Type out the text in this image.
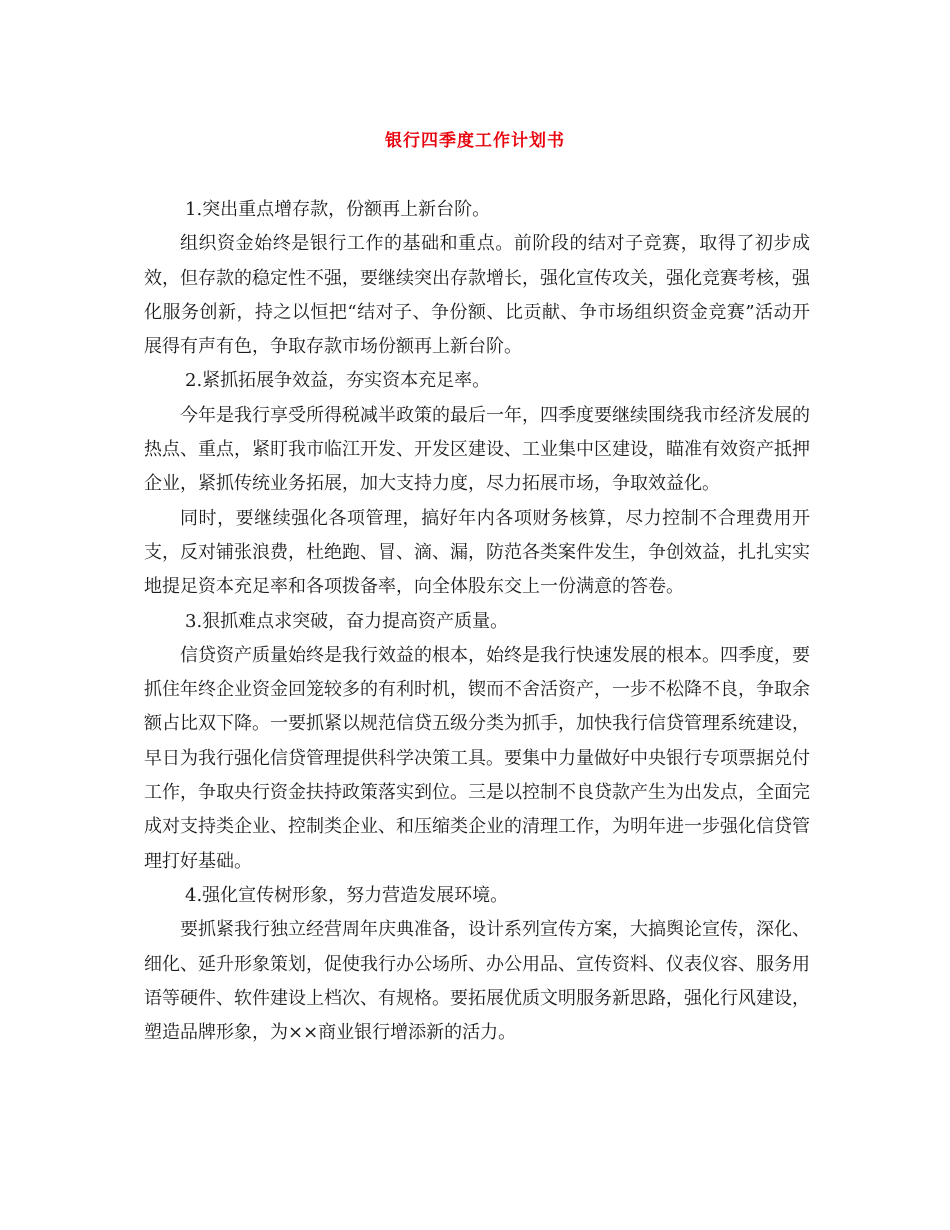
银行四季度工作计划书

1.突出重点增存款，份额再上新台阶。

组织资金始终是银行工作的基础和重点。前阶段的结对子竞赛，取得了初步成效，但存款的稳定性不强，要继续突出存款增长，强化宣传攻关，强化竞赛考核，强化服务创新，持之以恒把“结对子、争份额、比贡献、争市场组织资金竞赛”活动开展得有声有色，争取存款市场份额再上新台阶。

2.紧抓拓展争效益，夯实资本充足率。

今年是我行享受所得税减半政策的最后一年，四季度要继续围绕我市经济发展的热点、重点，紧盯我市临江开发、开发区建设、工业集中区建设，瞄准有效资产抵押企业，紧抓传统业务拓展，加大支持力度，尽力拓展市场，争取效益化。

同时，要继续强化各项管理，搞好年内各项财务核算，尽力控制不合理费用开支，反对铺张浪费，杜绝跑、冒、滴、漏，防范各类案件发生，争创效益，扎扎实实地提足资本充足率和各项拨备率，向全体股东交上一份满意的答卷。

3.狠抓难点求突破，奋力提高资产质量。

信贷资产质量始终是我行效益的根本，始终是我行快速发展的根本。四季度，要抓住年终企业资金回笼较多的有利时机，锲而不舍活资产，一步不松降不良，争取余额占比双下降。一要抓紧以规范信贷五级分类为抓手，加快我行信贷管理系统建设，早日为我行强化信贷管理提供科学决策工具。要集中力量做好中央银行专项票据兑付工作，争取央行资金扶持政策落实到位。三是以控制不良贷款产生为出发点，全面完成对支持类企业、控制类企业、和压缩类企业的清理工作，为明年进一步强化信贷管理打好基础。

4.强化宣传树形象，努力营造发展环境。

要抓紧我行独立经营周年庆典准备，设计系列宣传方案，大搞舆论宣传，深化、细化、延升形象策划，促使我行办公场所、办公用品、宣传资料、仪表仪容、服务用语等硬件、软件建设上档次、有规格。要拓展优质文明服务新思路，强化行风建设，塑造品牌形象，为××商业银行增添新的活力。
